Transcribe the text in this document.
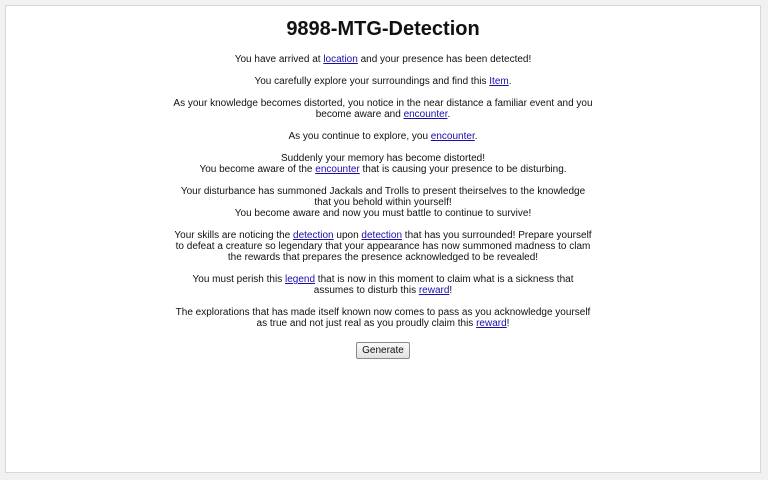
9898-MTG-Detection

You have arrived at location and your presence has been detected!

You carefully explore your surroundings and find this Item.

As your knowledge becomes distorted, you notice in the near distance a familiar event and you become aware and encounter.

As you continue to explore, you encounter.

Suddenly your memory has become distorted!
You become aware of the encounter that is causing your presence to be disturbing.

Your disturbance has summoned Jackals and Trolls to present theirselves to the knowledge that you behold within yourself!
You become aware and now you must battle to continue to survive!

Your skills are noticing the detection upon detection that has you surrounded! Prepare yourself to defeat a creature so legendary that your appearance has now summoned madness to clam the rewards that prepares the presence acknowledged to be revealed!

You must perish this legend that is now in this moment to claim what is a sickness that assumes to disturb this reward!

The explorations that has made itself known now comes to pass as you acknowledge yourself as true and not just real as you proudly claim this reward!

Generate
